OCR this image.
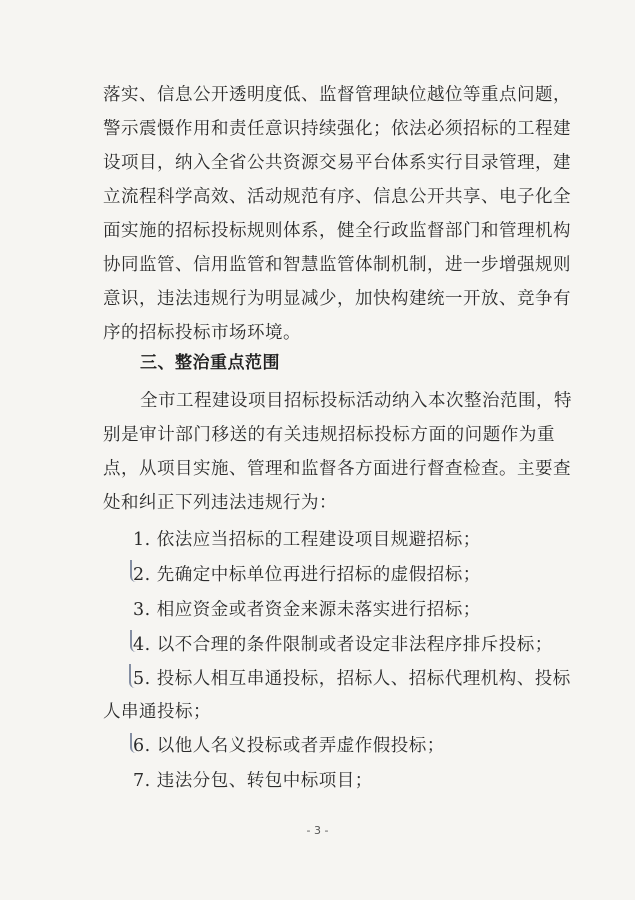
落实、信息公开透明度低、监督管理缺位越位等重点问题，
警示震慑作用和责任意识持续强化；依法必须招标的工程建
设项目，纳入全省公共资源交易平台体系实行目录管理，建
立流程科学高效、活动规范有序、信息公开共享、电子化全
面实施的招标投标规则体系，健全行政监督部门和管理机构
协同监管、信用监管和智慧监管体制机制，进一步增强规则
意识，违法违规行为明显减少，加快构建统一开放、竞争有
序的招标投标市场环境。
三、整治重点范围
全市工程建设项目招标投标活动纳入本次整治范围，特
别是审计部门移送的有关违规招标投标方面的问题作为重
点，从项目实施、管理和监督各方面进行督查检查。主要查
处和纠正下列违法违规行为：
1. 依法应当招标的工程建设项目规避招标；
2. 先确定中标单位再进行招标的虚假招标；
3. 相应资金或者资金来源未落实进行招标；
4. 以不合理的条件限制或者设定非法程序排斥投标；
5. 投标人相互串通投标，招标人、招标代理机构、投标
人串通投标；
6. 以他人名义投标或者弄虚作假投标；
7. 违法分包、转包中标项目；
- 3 -
